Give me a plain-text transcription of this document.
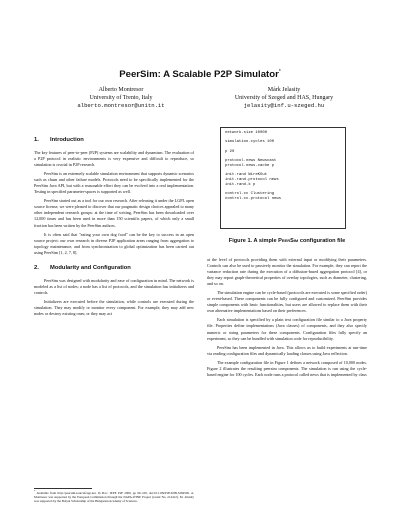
PeerSim: A Scalable P2P Simulator*
Alberto Montresor
University of Trento, Italy
alberto.montresor@unitn.it
Márk Jelasity
University of Szeged and HAS, Hungary
jelasity@inf.u-szeged.hu
1. Introduction

The key features of peer-to-peer (P2P) systems are scalability and dynamism. The evaluation of a P2P protocol in realistic environments is very expensive and difficult to reproduce, so simulation is crucial in P2P research.

PeerSim is an extremely scalable simulation environment that supports dynamic scenarios such as churn and other failure models. Protocols need to be specifically implemented for the PeerSim Java API, but with a reasonable effort they can be evolved into a real implementation. Testing in specified parameter-spaces is supported as well.

PeerSim started out as a tool for our own research. After releasing it under the LGPL open source license, we were pleased to discover that our pragmatic design choices appealed to many other independent research groups: at the time of writing, PeerSim has been downloaded over 12,000 times and has been used in more than 150 scientific papers, of which only a small fraction has been written by the PeerSim authors.

It is often said that "eating your own dog food" can be the key to success in an open source project: our own research in diverse P2P application areas ranging from aggregation to topology maintenance, and from synchronization to global optimization has been carried out using PeerSim [1, 2, 7, 8].

2. Modularity and Configuration

PeerSim was designed with modularity and ease of configuration in mind. The network is modeled as a list of nodes; a node has a list of protocols, and the simulation has initializers and controls.

Initializers are executed before the simulation, while controls are executed during the simulation. They may modify or monitor every component. For example, they may add new nodes or destroy existing ones; or they may act

network.size 10000
simulation.cycles 100
p 20
protocol.news Newscast
protocol.news.cache p
init.rand WireKOut
init.rand.protocol news
init.rand.k p
control.cc Clustering
control.cc.protocol news
Figure 1. A simple PeerSim configuration file

at the level of protocols providing them with external input or modifying their parameters. Controls can also be used to passively monitor the simulation. For example, they can report the variance reduction rate during the execution of a diffusion-based aggregation protocol [4], or they may report graph-theoretical properties of overlay topologies, such as diameter, clustering, and so on.

The simulation engine can be cycle-based (protocols are executed is some specified order) or event-based. These components can be fully configured and customized. PeerSim provides simple components with basic functionalities, but users are allowed to replace them with their own alternative implementations based on their preferences.

Each simulation is specified by a plain text configuration file similar to a Java property file. Properties define implementations (Java classes) of components, and they also specify numeric or string parameters for these components. Configuration files fully specify an experiment, so they can be bundled with simulation code for reproducibility.

PeerSim has been implemented in Java. This allows us to build experiments at run-time via reading configuration files and dynamically loading classes using Java reflection.

The example configuration file in Figure 1 defines a network composed of 10,000 nodes. Figure 2 illustrates the resulting peersim components. The simulation is run using the cycle-based engine for 100 cycles. Each node runs a protocol called news that is implemented by class

* Available from http://peersim.sourceforge.net. In Proc. IEEE P2P 2009, pp 99–100, doi:10.1109/P2P.2009.5284506. A. Montresor was supported by the European Commission through the NAPA-WINE Project (Grant No. 214412). M. Jelasity was supported by the Bolyai Scholarship of the Hungarian Academy of Sciences.
